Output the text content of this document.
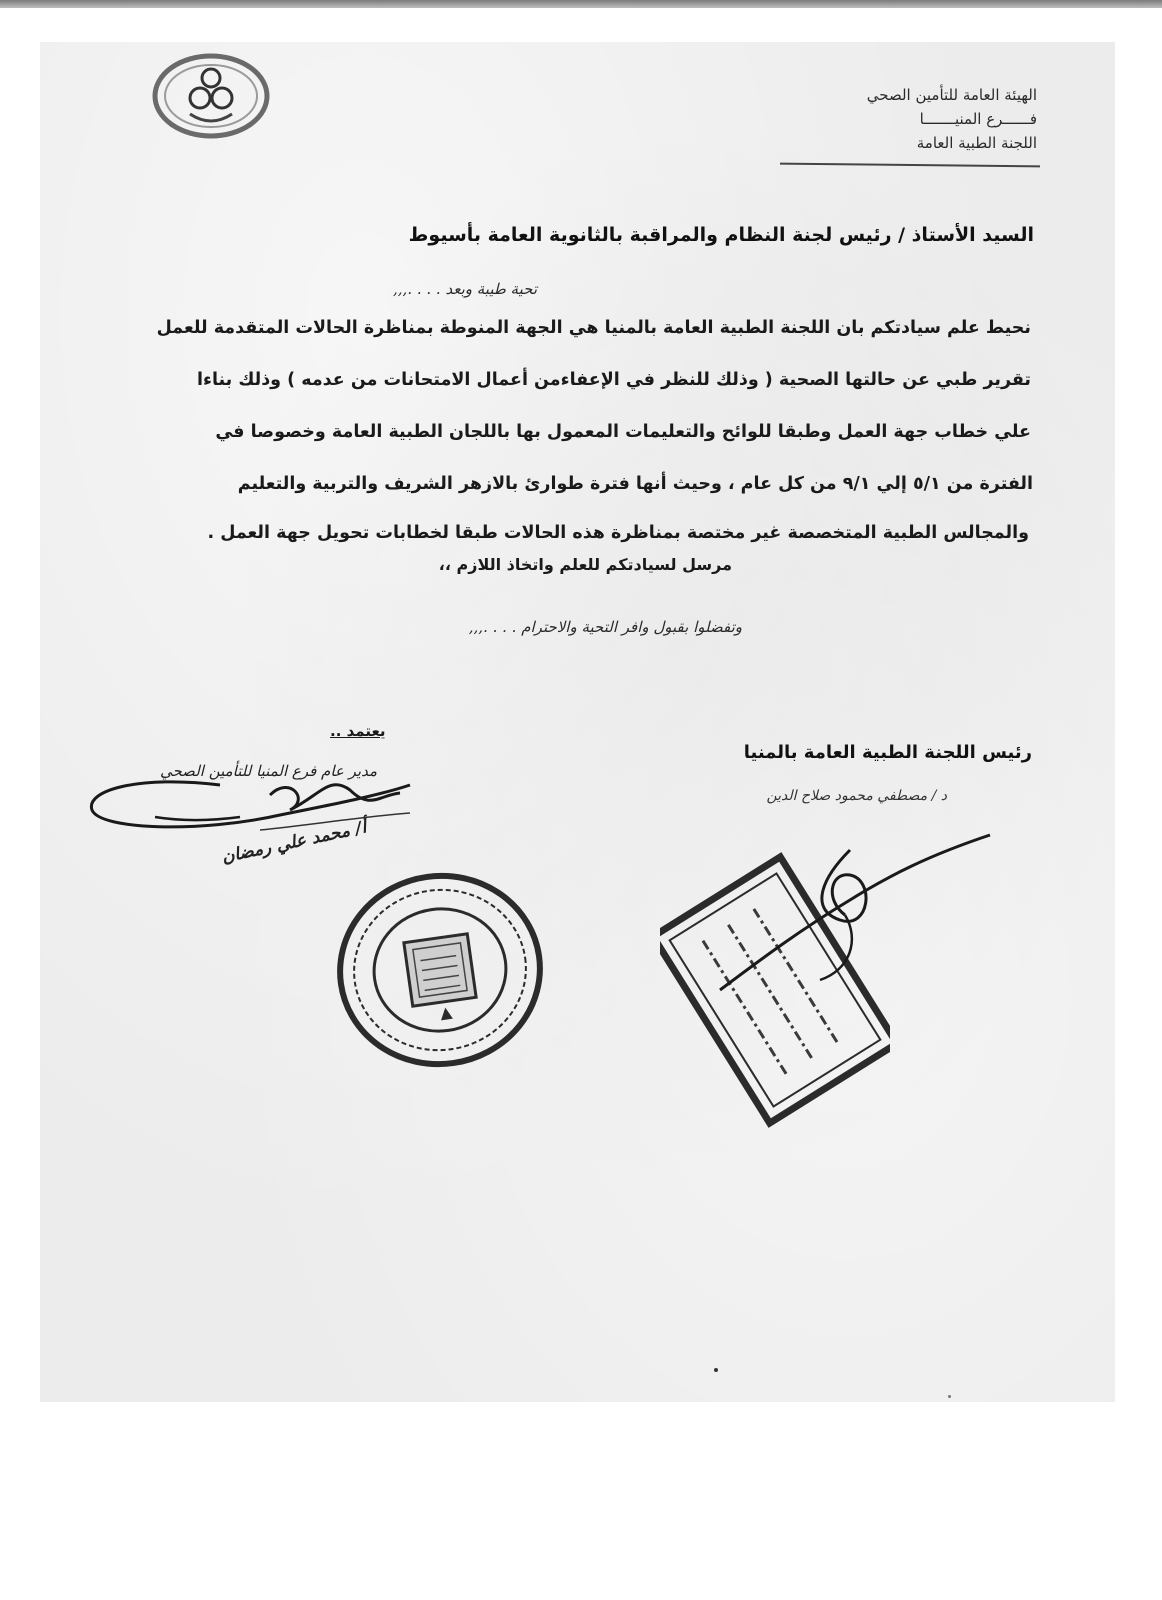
الهيئة العامة للتأمين الصحي
فــــــرع المنيـــــــا
اللجنة الطبية العامة
السيد الأستاذ / رئيس لجنة النظام والمراقبة بالثانوية العامة بأسيوط
تحية طيبة وبعد . . . .,,,
نحيط علم سيادتكم بان اللجنة الطبية العامة بالمنيا هي الجهة المنوطة بمناظرة الحالات المتقدمة للعمل
تقرير طبي عن حالتها الصحية ( وذلك للنظر في الإعفاءمن أعمال الامتحانات من عدمه ) وذلك بناءا
علي خطاب جهة العمل وطبقا للوائح والتعليمات المعمول بها باللجان الطبية العامة وخصوصا في
الفترة من ٥/١ إلي ٩/١ من كل عام ، وحيث أنها فترة طوارئ بالازهر الشريف والتربية والتعليم
والمجالس الطبية المتخصصة غير مختصة بمناظرة هذه الحالات طبقا لخطابات تحويل جهة العمل .
مرسل لسيادتكم للعلم واتخاذ اللازم ،،
وتفضلوا بقبول وافر التحية والاحترام . . . .,,,
يعتمد ..
مدير عام فرع المنيا للتأمين الصحي
أ/ محمد علي رمضان
رئيس اللجنة الطبية العامة بالمنيا
د / مصطفي محمود صلاح الدين
